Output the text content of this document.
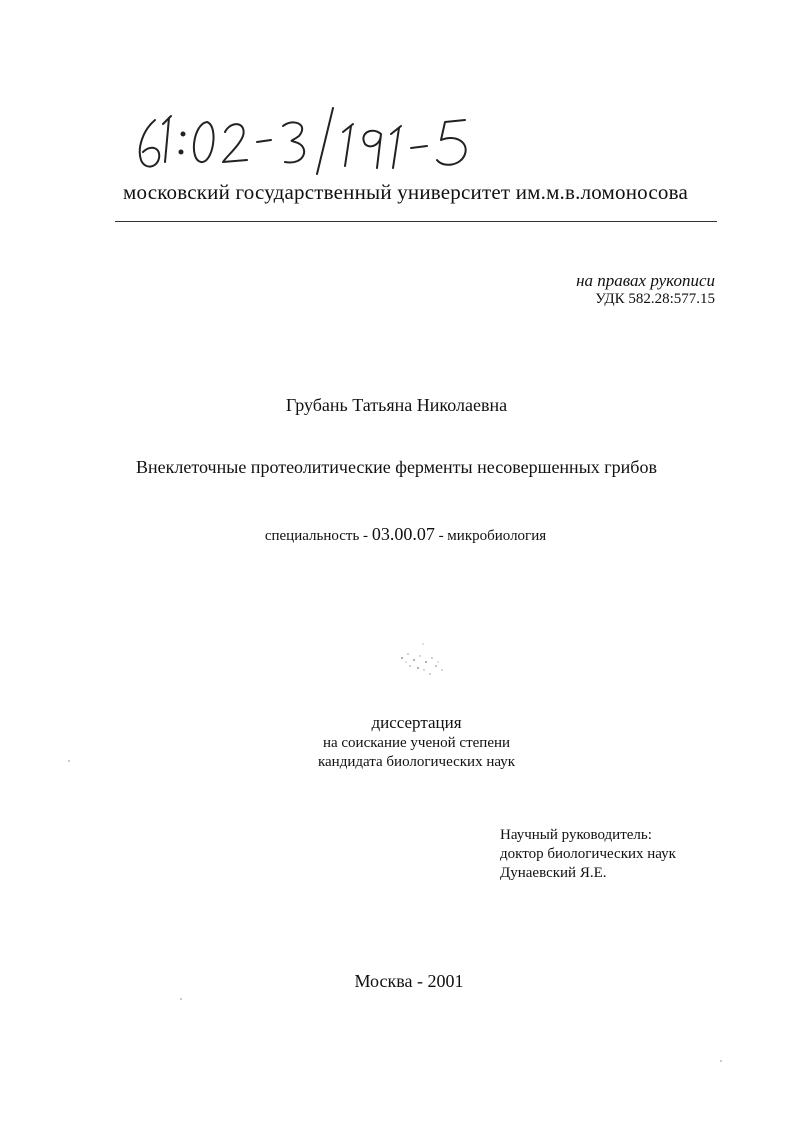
московский государственный университет им.м.в.ломоносова
на правах рукописи
УДК 582.28:577.15
Грубань Татьяна Николаевна
Внеклеточные протеолитические ферменты несовершенных грибов
специальность - 03.00.07 - микробиология
диссертация
на соискание ученой степени
кандидата биологических наук
Научный руководитель:
доктор биологических наук
Дунаевский Я.Е.
Москва - 2001
